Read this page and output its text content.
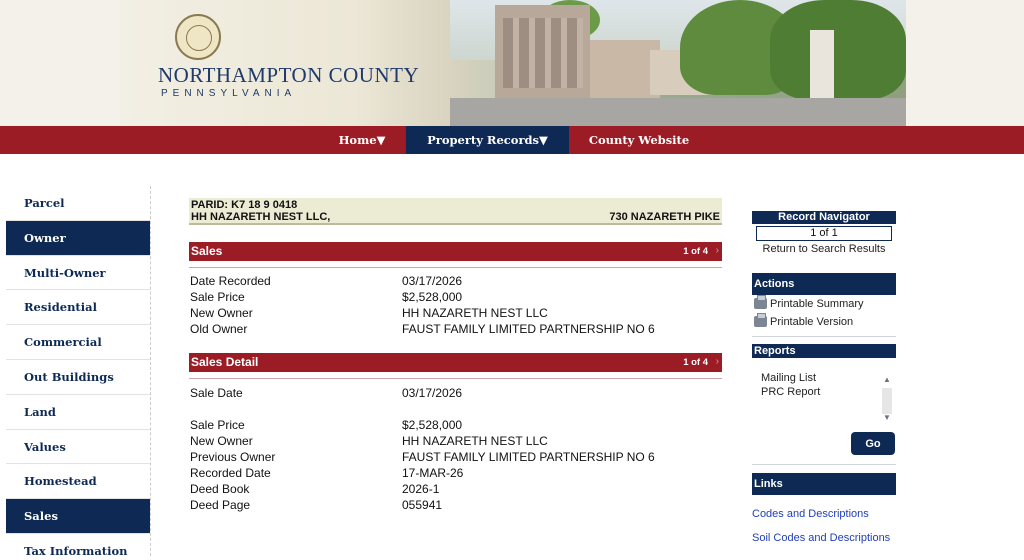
NORTHAMPTON COUNTY
PENNSYLVANIA
Home▼	Property Records▼	County Website
Parcel
Owner
Multi-Owner
Residential
Commercial
Out Buildings
Land
Values
Homestead
Sales
Tax Information
PARID: K7 18 9 0418
HH NAZARETH NEST LLC,	730 NAZARETH PIKE
Sales	1 of 4 ›
Date Recorded	03/17/2026
Sale Price	$2,528,000
New Owner	HH NAZARETH NEST LLC
Old Owner	FAUST FAMILY LIMITED PARTNERSHIP NO 6
Sales Detail	1 of 4 ›
Sale Date	03/17/2026
Sale Price	$2,528,000
New Owner	HH NAZARETH NEST LLC
Previous Owner	FAUST FAMILY LIMITED PARTNERSHIP NO 6
Recorded Date	17-MAR-26
Deed Book	2026-1
Deed Page	055941
Record Navigator
1 of 1
Return to Search Results
Actions
Printable Summary
Printable Version
Reports
Mailing List
PRC Report
▲
▼
Go
Links
Codes and Descriptions
Soil Codes and Descriptions
